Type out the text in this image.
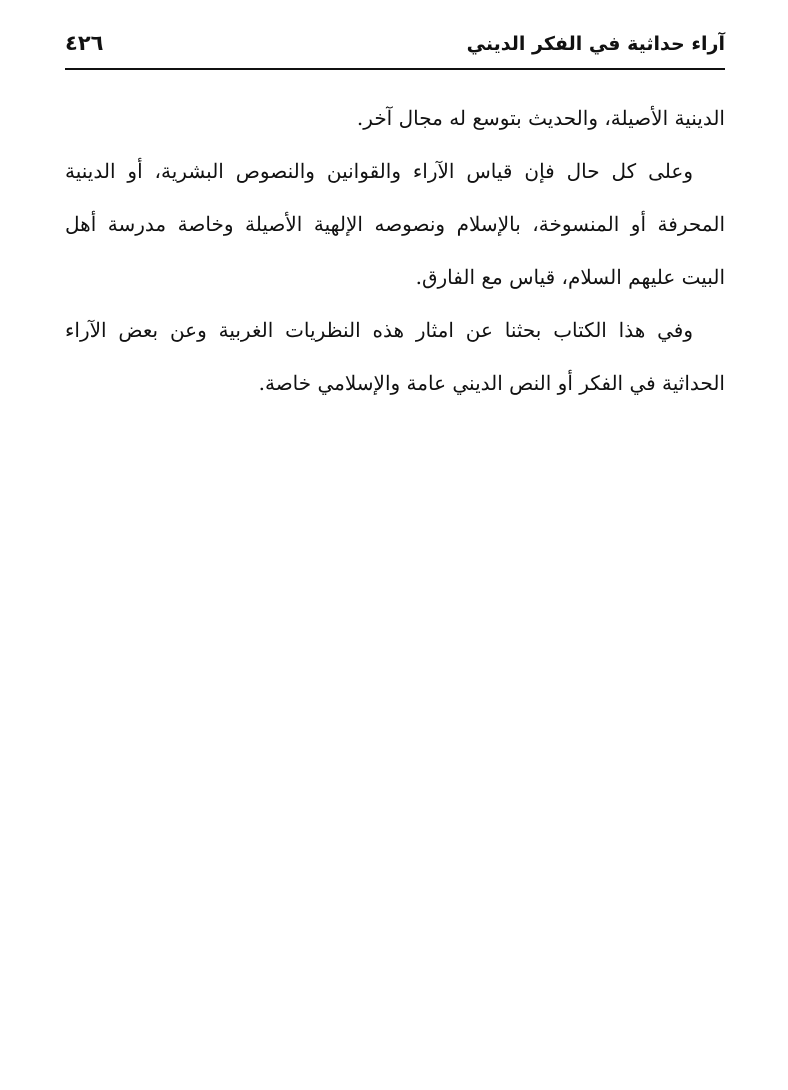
آراء حداثية في الفكر الديني
٤٢٦

الدينية الأصيلة، والحديث بتوسع له مجال آخر.

وعلى كل حال فإن قياس الآراء والقوانين والنصوص البشرية، أو الدينية المحرفة أو المنسوخة، بالإسلام ونصوصه الإلهية الأصيلة وخاصة مدرسة أهل البيت عليهم السلام، قياس مع الفارق.

وفي هذا الكتاب بحثنا عن امثار هذه النظريات الغربية وعن بعض الآراء الحداثية في الفكر أو النص الديني عامة والإسلامي خاصة.
